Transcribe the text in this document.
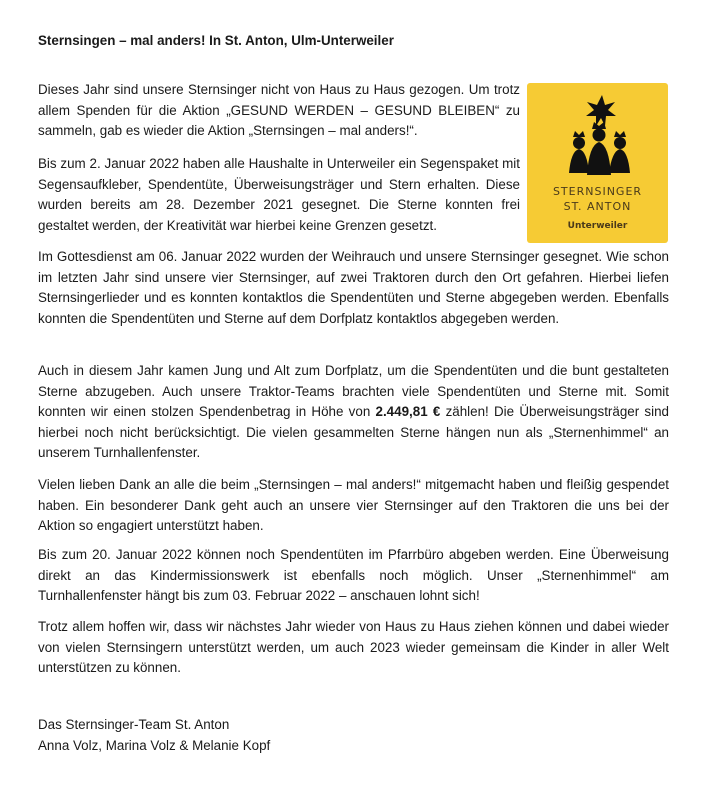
Sternsingen – mal anders! In St. Anton, Ulm-Unterweiler

Dieses Jahr sind unsere Sternsinger nicht von Haus zu Haus gezogen. Um trotz allem Spenden für die Aktion „GESUND WERDEN – GESUND BLEIBEN“ zu sammeln, gab es wieder die Aktion „Sternsingen – mal anders!“.

Bis zum 2. Januar 2022 haben alle Haushalte in Unterweiler ein Segenspaket mit Segensaufkleber, Spendentüte, Überweisungsträger und Stern erhalten. Diese wurden bereits am 28. Dezember 2021 gesegnet. Die Sterne konnten frei gestaltet werden, der Kreativität war hierbei keine Grenzen gesetzt.

Im Gottesdienst am 06. Januar 2022 wurden der Weihrauch und unsere Sternsinger gesegnet. Wie schon im letzten Jahr sind unsere vier Sternsinger, auf zwei Traktoren durch den Ort gefahren. Hierbei liefen Sternsingerlieder und es konnten kontaktlos die Spendentüten und Sterne abgegeben werden. Ebenfalls konnten die Spendentüten und Sterne auf dem Dorfplatz kontaktlos abgegeben werden.

Auch in diesem Jahr kamen Jung und Alt zum Dorfplatz, um die Spendentüten und die bunt gestalteten Sterne abzugeben. Auch unsere Traktor-Teams brachten viele Spendentüten und Sterne mit. Somit konnten wir einen stolzen Spendenbetrag in Höhe von 2.449,81 € zählen! Die Überweisungsträger sind hierbei noch nicht berücksichtigt. Die vielen gesammelten Sterne hängen nun als „Sternenhimmel“ an unserem Turnhallenfenster.

Vielen lieben Dank an alle die beim „Sternsingen – mal anders!“ mitgemacht haben und fleißig gespendet haben. Ein besonderer Dank geht auch an unsere vier Sternsinger auf den Traktoren die uns bei der Aktion so engagiert unterstützt haben.

Bis zum 20. Januar 2022 können noch Spendentüten im Pfarrbüro abgeben werden. Eine Überweisung direkt an das Kindermissionswerk ist ebenfalls noch möglich. Unser „Sternenhimmel“ am Turnhallenfenster hängt bis zum 03. Februar 2022 – anschauen lohnt sich!

Trotz allem hoffen wir, dass wir nächstes Jahr wieder von Haus zu Haus ziehen können und dabei wieder von vielen Sternsingern unterstützt werden, um auch 2023 wieder gemeinsam die Kinder in aller Welt unterstützen zu können.

Das Sternsinger-Team St. Anton
Anna Volz, Marina Volz & Melanie Kopf
STERNSINGER
ST. ANTON
Unterweiler
